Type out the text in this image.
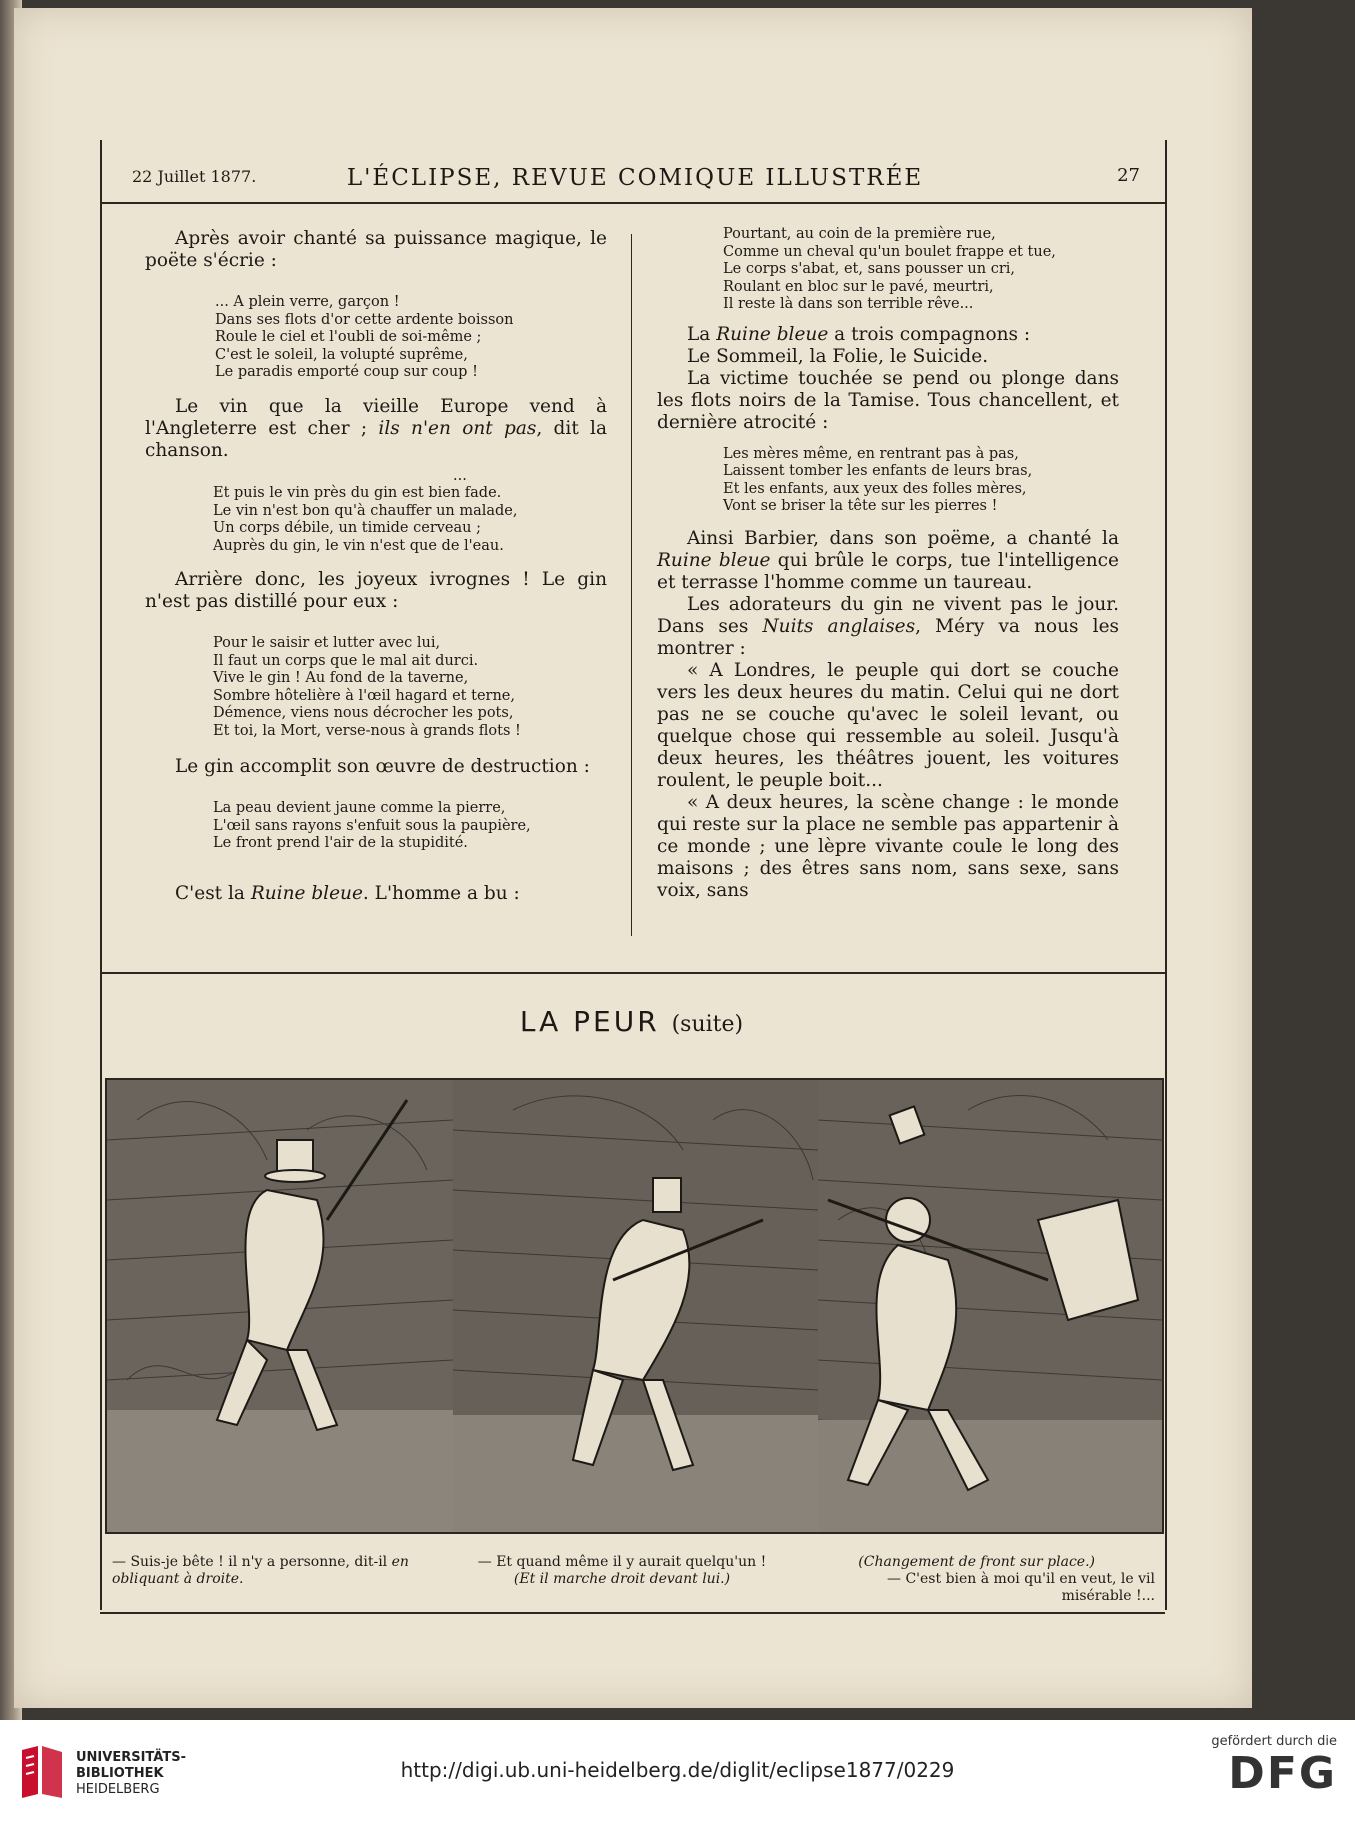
22 Juillet 1877.	L'ÉCLIPSE, REVUE COMIQUE ILLUSTRÉE	27

Après avoir chanté sa puissance magique, le poëte s'écrie :

... A plein verre, garçon !
Dans ses flots d'or cette ardente boisson
Roule le ciel et l'oubli de soi-même ;
C'est le soleil, la volupté suprême,
Le paradis emporté coup sur coup !

Le vin que la vieille Europe vend à l'Angleterre est cher ; ils n'en ont pas, dit la chanson.

...
Et puis le vin près du gin est bien fade.
Le vin n'est bon qu'à chauffer un malade,
Un corps débile, un timide cerveau ;
Auprès du gin, le vin n'est que de l'eau.

Arrière donc, les joyeux ivrognes ! Le gin n'est pas distillé pour eux :

Pour le saisir et lutter avec lui,
Il faut un corps que le mal ait durci.
Vive le gin ! Au fond de la taverne,
Sombre hôtelière à l'œil hagard et terne,
Démence, viens nous décrocher les pots,
Et toi, la Mort, verse-nous à grands flots !

Le gin accomplit son œuvre de destruction :

La peau devient jaune comme la pierre,
L'œil sans rayons s'enfuit sous la paupière,
Le front prend l'air de la stupidité.

C'est la Ruine bleue. L'homme a bu :

Pourtant, au coin de la première rue,
Comme un cheval qu'un boulet frappe et tue,
Le corps s'abat, et, sans pousser un cri,
Roulant en bloc sur le pavé, meurtri,
Il reste là dans son terrible rêve...

La Ruine bleue a trois compagnons :

Le Sommeil, la Folie, le Suicide.

La victime touchée se pend ou plonge dans les flots noirs de la Tamise. Tous chancellent, et dernière atrocité :

Les mères même, en rentrant pas à pas,
Laissent tomber les enfants de leurs bras,
Et les enfants, aux yeux des folles mères,
Vont se briser la tête sur les pierres !

Ainsi Barbier, dans son poëme, a chanté la Ruine bleue qui brûle le corps, tue l'intelligence et terrasse l'homme comme un taureau.

Les adorateurs du gin ne vivent pas le jour. Dans ses Nuits anglaises, Méry va nous les montrer :

« A Londres, le peuple qui dort se couche vers les deux heures du matin. Celui qui ne dort pas ne se couche qu'avec le soleil levant, ou quelque chose qui ressemble au soleil. Jusqu'à deux heures, les théâtres jouent, les voitures roulent, le peuple boit...

« A deux heures, la scène change : le monde qui reste sur la place ne semble pas appartenir à ce monde ; une lèpre vivante coule le long des maisons ; des êtres sans nom, sans sexe, sans voix, sans

LA PEUR (suite)
— Suis-je bête ! il n'y a personne, dit-il en obliquant à droite.
— Et quand même il y aurait quelqu'un !
(Et il marche droit devant lui.)
(Changement de front sur place.)
— C'est bien à moi qu'il en veut, le vil misérable !...
UNIVERSITÄTS-
BIBLIOTHEK
HEIDELBERG
http://digi.ub.uni-heidelberg.de/diglit/eclipse1877/0229
gefördert durch die
DFG
